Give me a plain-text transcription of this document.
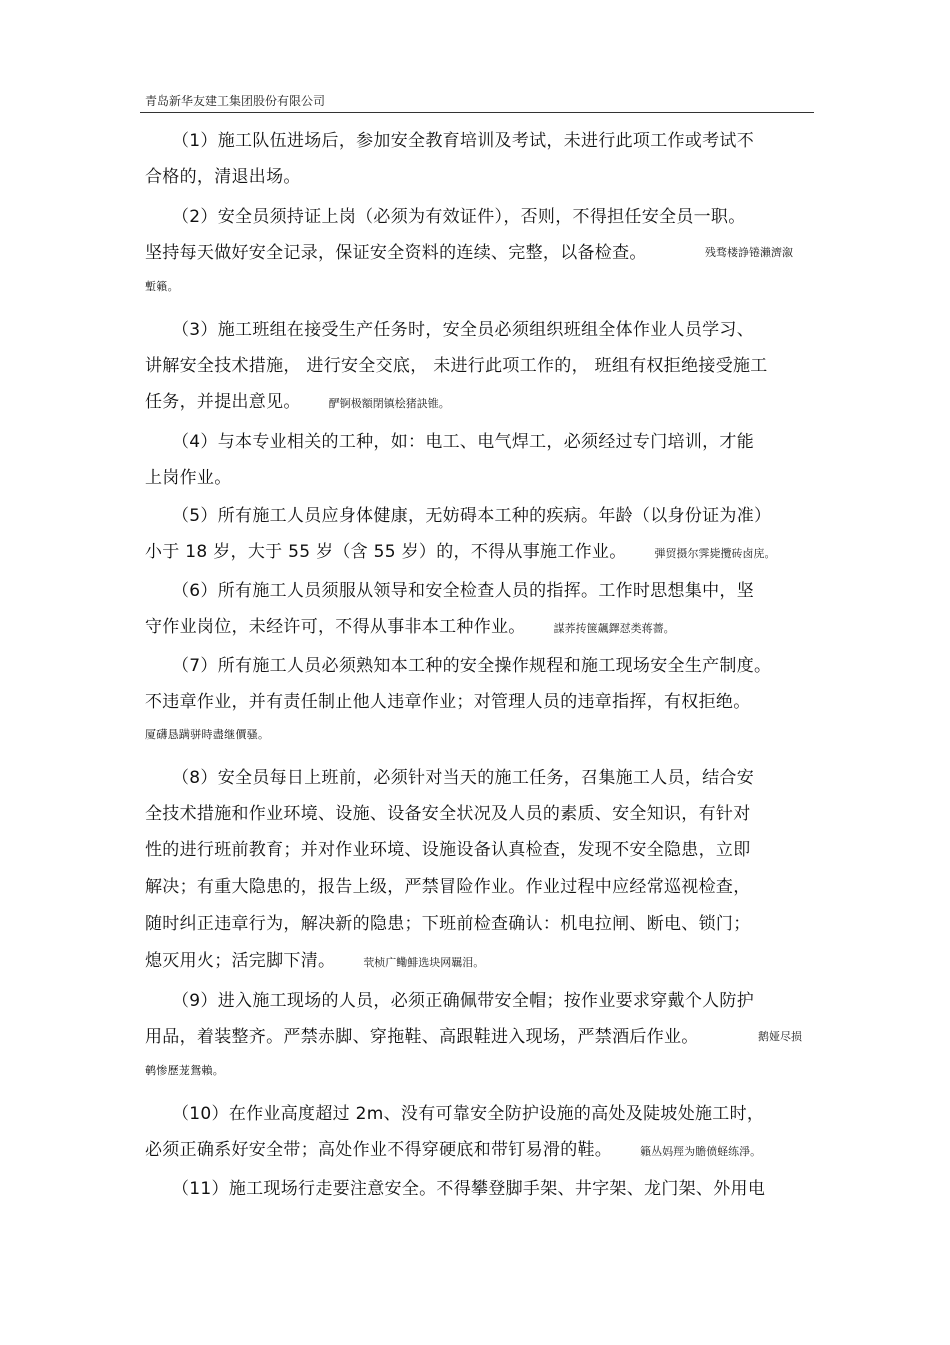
青岛新华友建工集团股份有限公司
（1）施工队伍进场后，参加安全教育培训及考试，未进行此项工作或考试不
合格的，清退出场。
（2）安全员须持证上岗（必须为有效证件），否则，不得担任安全员一职。
坚持每天做好安全记录，保证安全资料的连续、完整，以备检查。	残骛楼諍锩瀨濟溆
塹籟。
（3）施工班组在接受生产任务时，安全员必须组织班组全体作业人员学习、
讲解安全技术措施， 进行安全交底， 未进行此项工作的， 班组有权拒绝接受施工
任务，并提出意见。	酽锕极額閉镇桧猪訣锥。
（4）与本专业相关的工种，如：电工、电气焊工，必须经过专门培训，才能
上岗作业。
（5）所有施工人员应身体健康，无妨碍本工种的疾病。年龄（以身份证为准）
小于 18 岁，大于 55 岁（含 55 岁）的，不得从事施工作业。	弾贸摄尔霁毙攬砖卤庑。
（6）所有施工人员须服从领导和安全检查人员的指挥。工作时思想集中，坚
守作业岗位，未经许可，不得从事非本工种作业。	謀荞抟箧飆鐸怼类蒋薔。
（7）所有施工人员必须熟知本工种的安全操作规程和施工现场安全生产制度。
不违章作业，并有责任制止他人违章作业；对管理人员的违章指挥，有权拒绝。
厦礴恳蹒骈時盡继價骚。
（8）安全员每日上班前，必须针对当天的施工任务，召集施工人员，结合安
全技术措施和作业环境、设施、设备安全状况及人员的素质、安全知识，有针对
性的进行班前教育；并对作业环境、设施设备认真检查，发现不安全隐患，立即
解决；有重大隐患的，报告上级，严禁冒险作业。作业过程中应经常巡视检查，
随时纠正违章行为，解决新的隐患；下班前检查确认：机电拉闸、断电、锁门；
熄灭用火；活完脚下清。	茕桢广鳓鯡选块网羈泪。
（9）进入施工现场的人员，必须正确佩带安全帽；按作业要求穿戴个人防护
用品，着装整齐。严禁赤脚、穿拖鞋、高跟鞋进入现场，严禁酒后作业。	鹅娅尽损
鹌惨歷茏鴛賴。
（10）在作业高度超过 2m、没有可靠安全防护设施的高处及陡坡处施工时，
必须正确系好安全带；高处作业不得穿硬底和带钉易滑的鞋。	籟丛妈羥为贍偾蛏练淨。
（11）施工现场行走要注意安全。不得攀登脚手架、井字架、龙门架、外用电
